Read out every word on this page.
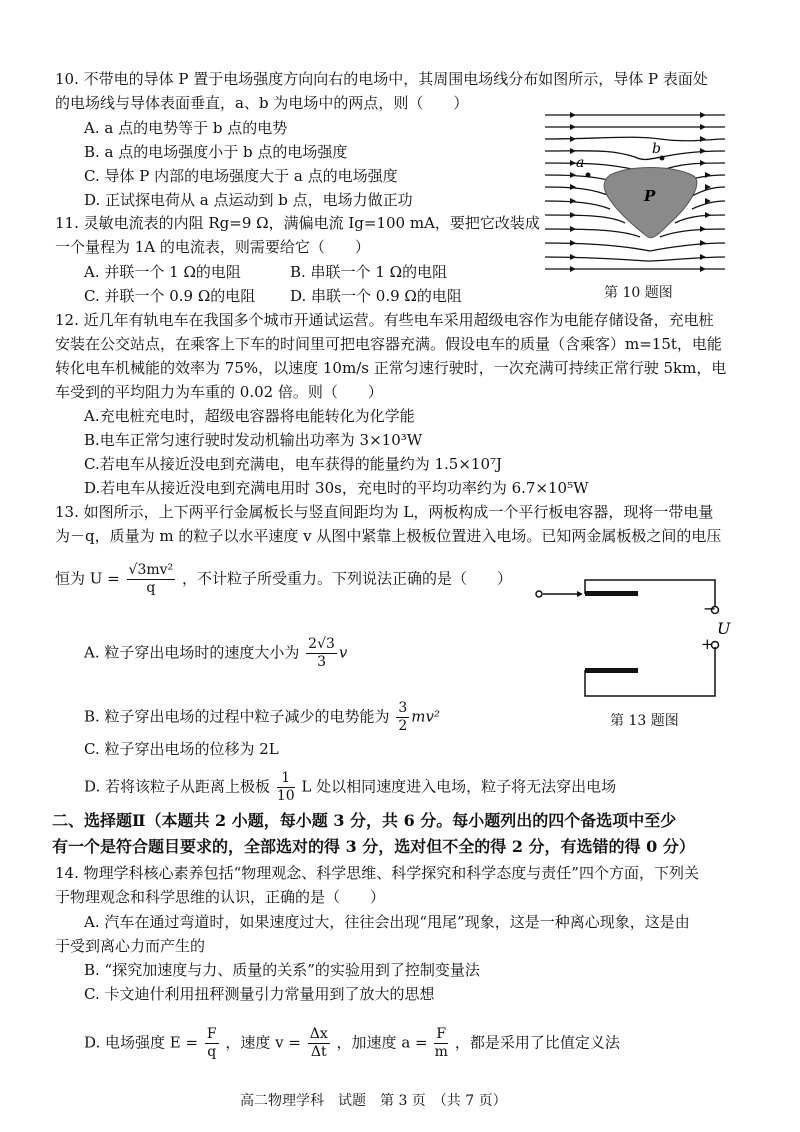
10. 不带电的导体 P 置于电场强度方向向右的电场中，其周围电场线分布如图所示，导体 P 表面处
的电场线与导体表面垂直，a、b 为电场中的两点，则（　　）
A. a 点的电势等于 b 点的电势
B. a 点的电场强度小于 b 点的电场强度
C. 导体 P 内部的电场强度大于 a 点的电场强度
D. 正试探电荷从 a 点运动到 b 点，电场力做正功
a
b
P
第 10 题图
11. 灵敏电流表的内阻 Rg=9 Ω，满偏电流 Ig=100 mA，要把它改装成
一个量程为 1A 的电流表，则需要给它（　　）
A. 并联一个 1 Ω的电阻	B. 串联一个 1 Ω的电阻
C. 并联一个 0.9 Ω的电阻 D. 串联一个 0.9 Ω的电阻
12. 近几年有轨电车在我国多个城市开通试运营。有些电车采用超级电容作为电能存储设备，充电桩
安装在公交站点，在乘客上下车的时间里可把电容器充满。假设电车的质量（含乘客）m=15t，电能
转化电车机械能的效率为 75%，以速度 10m/s 正常匀速行驶时，一次充满可持续正常行驶 5km，电
车受到的平均阻力为车重的 0.02 倍。则（　　）
A.充电桩充电时，超级电容器将电能转化为化学能
B.电车正常匀速行驶时发动机输出功率为 3×10³W
C.若电车从接近没电到充满电，电车获得的能量约为 1.5×10⁷J
D.若电车从接近没电到充满电用时 30s，充电时的平均功率约为 6.7×10⁵W
13. 如图所示，上下两平行金属板长与竖直间距均为 L，两板构成一个平行板电容器，现将一带电量
为－q，质量为 m 的粒子以水平速度 v 从图中紧靠上极板位置进入电场。已知两金属板极之间的电压
恒为 $U = \frac{\text{√3mv²}}{q}$ ，不计粒子所受重力。下列说法正确的是（　　）
A. 粒子穿出电场时的速度大小为 $\frac{2√3}{3}$ v
B. 粒子穿出电场的过程中粒子减少的电势能为 $\frac{3}{2} mv^2$
C. 粒子穿出电场的位移为 2L
D. 若将该粒子从距离上极板 $\frac{1}{10}$ L 处以相同速度进入电场，粒子将无法穿出电场
−
U
+
第 13 题图
二、选择题Ⅱ（本题共 2 小题，每小题 3 分，共 6 分。每小题列出的四个备选项中至少
有一个是符合题目要求的，全部选对的得 3 分，选对但不全的得 2 分，有选错的得 0 分）
14. 物理学科核心素养包括“物理观念、科学思维、科学探究和科学态度与责任”四个方面，下列关
于物理观念和科学思维的认识，正确的是（　　）
A. 汽车在通过弯道时，如果速度过大，往往会出现“甩尾”现象，这是一种离心现象，这是由
于受到离心力而产生的
B. “探究加速度与力、质量的关系”的实验用到了控制变量法
C. 卡文迪什利用扭秤测量引力常量用到了放大的思想
D. 电场强度 $E = \frac{F}{q}$ ，速度 $v = \frac{\Delta x}{\Delta t}$ ，加速度 $a = \frac{F}{m}$ ，都是采用了比值定义法
高二物理学科　试题　第 3 页　（共 7 页）
